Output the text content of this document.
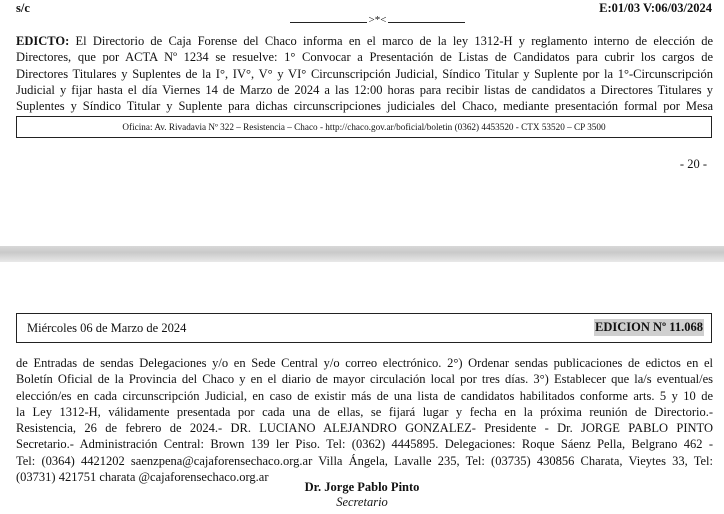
s/c	E:01/03 V:06/03/2024
>*<
EDICTO: El Directorio de Caja Forense del Chaco informa en el marco de la ley 1312-H y reglamento interno de elección de
Directores, que por ACTA Nº 1234 se resuelve: 1° Convocar a Presentación de Listas de Candidatos para cubrir los cargos de
Directores Titulares y Suplentes de la I°, IV°, V° y VI° Circunscripción Judicial, Síndico Titular y Suplente por la 1°-Circunscripción
Judicial y fijar hasta el día Viernes 14 de Marzo de 2024 a las 12:00 horas para recibir listas de candidatos a Directores Titulares y
Suplentes y Síndico Titular y Suplente para dichas circunscripciones judiciales del Chaco, mediante presentación formal por Mesa
Oficina: Av. Rivadavia Nº 322 – Resistencia – Chaco - http://chaco.gov.ar/boficial/boletin (0362) 4453520 - CTX 53520 – CP 3500
- 20 -
Miércoles 06 de Marzo de 2024	EDICION Nº 11.068
de Entradas de sendas Delegaciones y/o en Sede Central y/o correo electrónico. 2°) Ordenar sendas publicaciones de edictos en el
Boletín Oficial de la Provincia del Chaco y en el diario de mayor circulación local por tres días. 3°) Establecer que la/s eventual/es
elección/es en cada circunscripción Judicial, en caso de existir más de una lista de candidatos habilitados conforme arts. 5 y 10 de
la Ley 1312-H, válidamente presentada por cada una de ellas, se fijará lugar y fecha en la próxima reunión de Directorio.-
Resistencia, 26 de febrero de 2024.- DR. LUCIANO ALEJANDRO GONZALEZ- Presidente - Dr. JORGE PABLO PINTO
Secretario.- Administración Central: Brown 139 ler Piso. Tel: (0362) 4445895. Delegaciones: Roque Sáenz Pella, Belgrano 462 -
Tel: (0364) 4421202 saenzpena@cajaforensechaco.org.ar Villa Ángela, Lavalle 235, Tel: (03735) 430856 Charata, Vieytes 33, Tel:
(03731) 421751 charata @cajaforensechaco.org.ar
Dr. Jorge Pablo Pinto
Secretario
